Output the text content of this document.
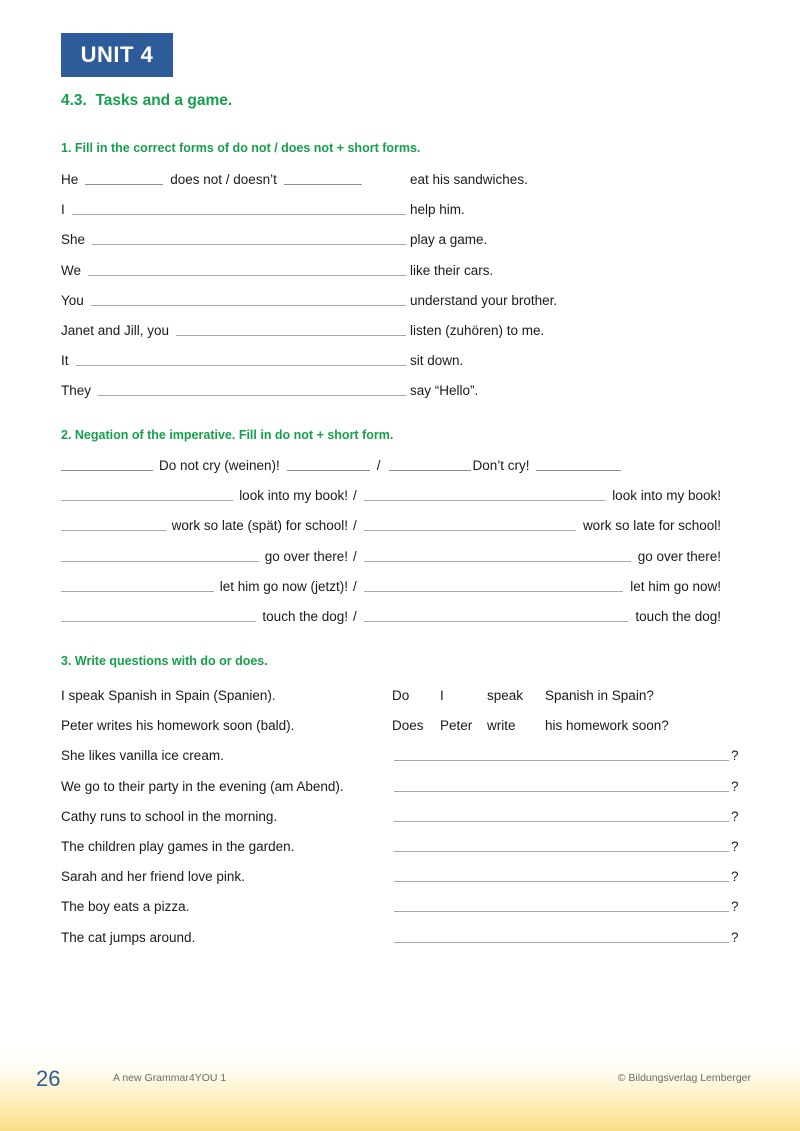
UNIT 4
4.3.  Tasks and a game.
1. Fill in the correct forms of do not / does not + short forms.
He	does not / doesn’t	eat his sandwiches.
I	help him.
She	play a game.
We	like their cars.
You	understand your brother.
Janet and Jill, you	listen (zuhören) to me.
It	sit down.
They	say “Hello”.
2. Negation of the imperative. Fill in do not + short form.
Do not cry (weinen)!	/	Don’t cry!
look into my book! /	look into my book!
work so late (spät) for school! /	work so late for school!
go over there! /	go over there!
let him go now (jetzt)! /	let him go now!
touch the dog! /	touch the dog!
3. Write questions with do or does.
I speak Spanish in Spain (Spanien).	Do I	speak Spanish in Spain?
Peter writes his homework soon (bald).	Does Peter write his homework soon?
She likes vanilla ice cream.	?
We go to their party in the evening (am Abend).	?
Cathy runs to school in the morning.	?
The children play games in the garden.	?
Sarah and her friend love pink.	?
The boy eats a pizza.	?
The cat jumps around.	?
26	A new Grammar4YOU 1	© Bildungsverlag Lemberger
